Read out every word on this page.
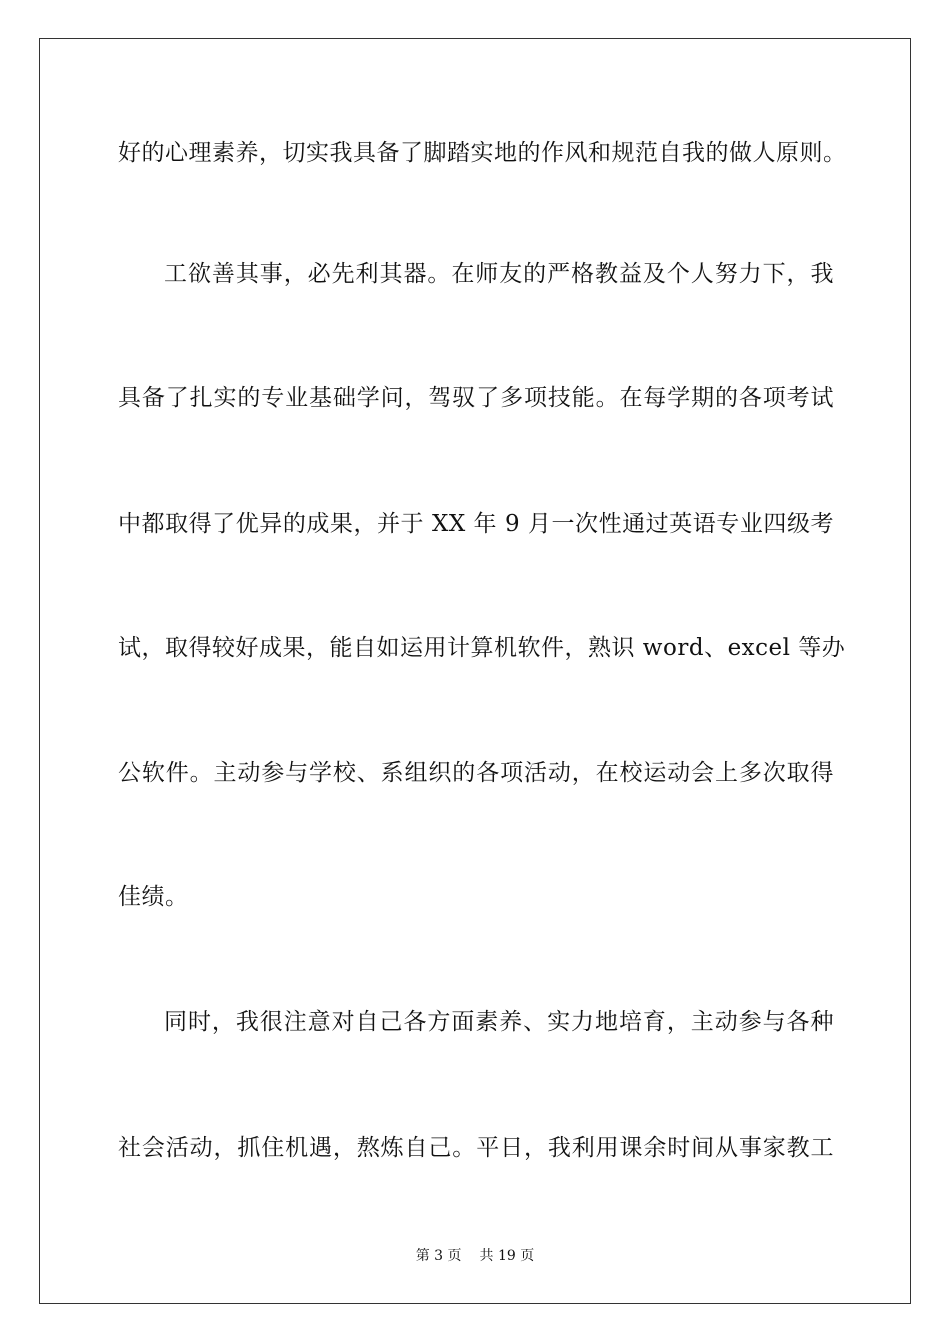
好的心理素养，切实我具备了脚踏实地的作风和规范自我的做人原则。
工欲善其事，必先利其器。在师友的严格教益及个人努力下，我
具备了扎实的专业基础学问，驾驭了多项技能。在每学期的各项考试
中都取得了优异的成果，并于 XX 年 9 月一次性通过英语专业四级考
试，取得较好成果，能自如运用计算机软件，熟识 word、excel 等办
公软件。主动参与学校、系组织的各项活动，在校运动会上多次取得
佳绩。
同时，我很注意对自己各方面素养、实力地培育，主动参与各种
社会活动，抓住机遇，熬炼自己。平日，我利用课余时间从事家教工
第 3 页 共 19 页
